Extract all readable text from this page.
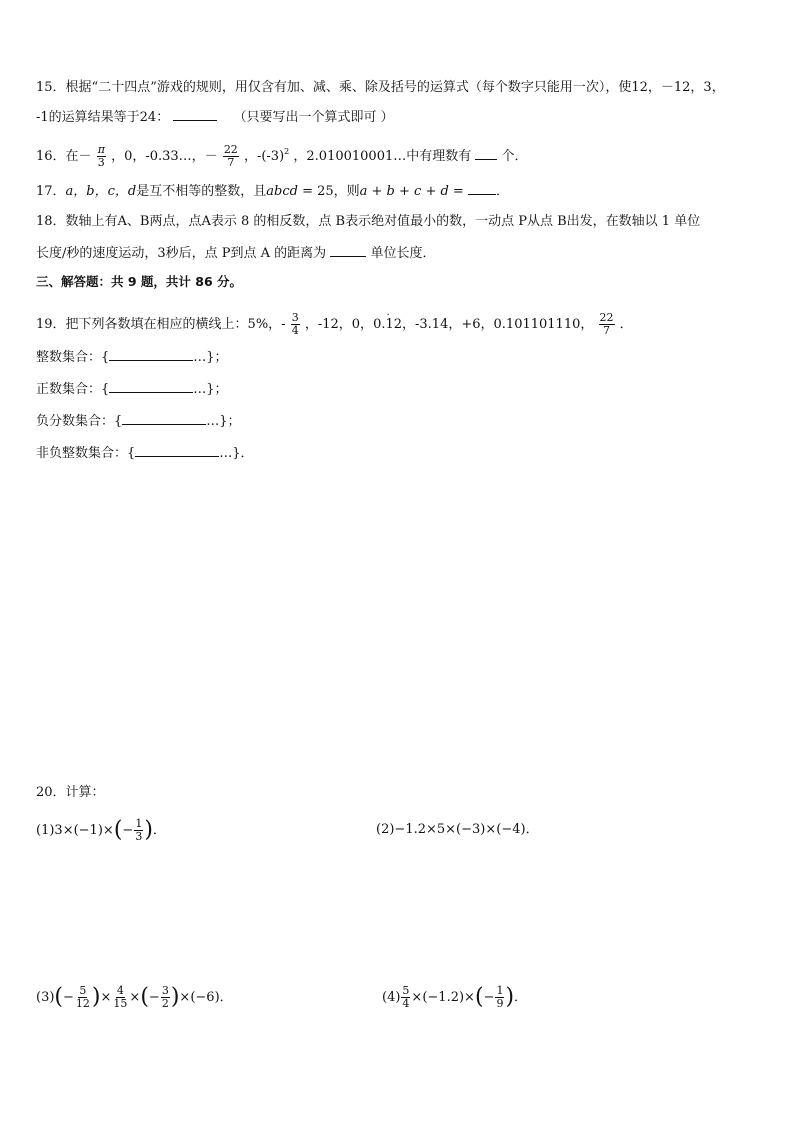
15．根据“二十四点”游戏的规则，用仅含有加、减、乘、除及括号的运算式（每个数字只能用一次），使12，－12，3，
-1的运算结果等于24：	（只要写出一个算式即可 ）
16．在－ $\frac{\pi}{3}$ ，0，-0.33…，－ $\frac{22}{7}$ ，$-(-3)^2$ ，2.010010001…中有理数有 个．
17．a，b，c，d是互不相等的整数，且abcd = 25，则a + b + c + d = ．
18．数轴上有A、B两点，点A表示 8 的相反数，点 B表示绝对值最小的数，一动点 P从点 B出发，在数轴以 1 单位
长度/秒的速度运动，3秒后，点 P到点 A 的距离为	单位长度．
三、解答题：共 9 题，共计 86 分。
19．把下列各数填在相应的横线上：5%，- $\frac{3}{4}$ ，-12，0，0.· 12，-3.14，+6，0.101101110， $\frac{22}{7}$ ．
整数集合：{	…}；
正数集合：{	…}；
负分数集合：{	…}；
非负整数集合：{	…}．
20．计算：
$(1)3\times(-1)\times(- \frac{1}{3}$ )．	(2)−1.2×5×(−3)×(−4)．
$(3)(- \frac{5}{12}$ )× $\frac{4}{15}$ ×(− $\frac{3}{2} )\times(-6)$．	$(4) \frac{5}{4} \times(-1.2)\times(- \frac{1}{9}$ )．
